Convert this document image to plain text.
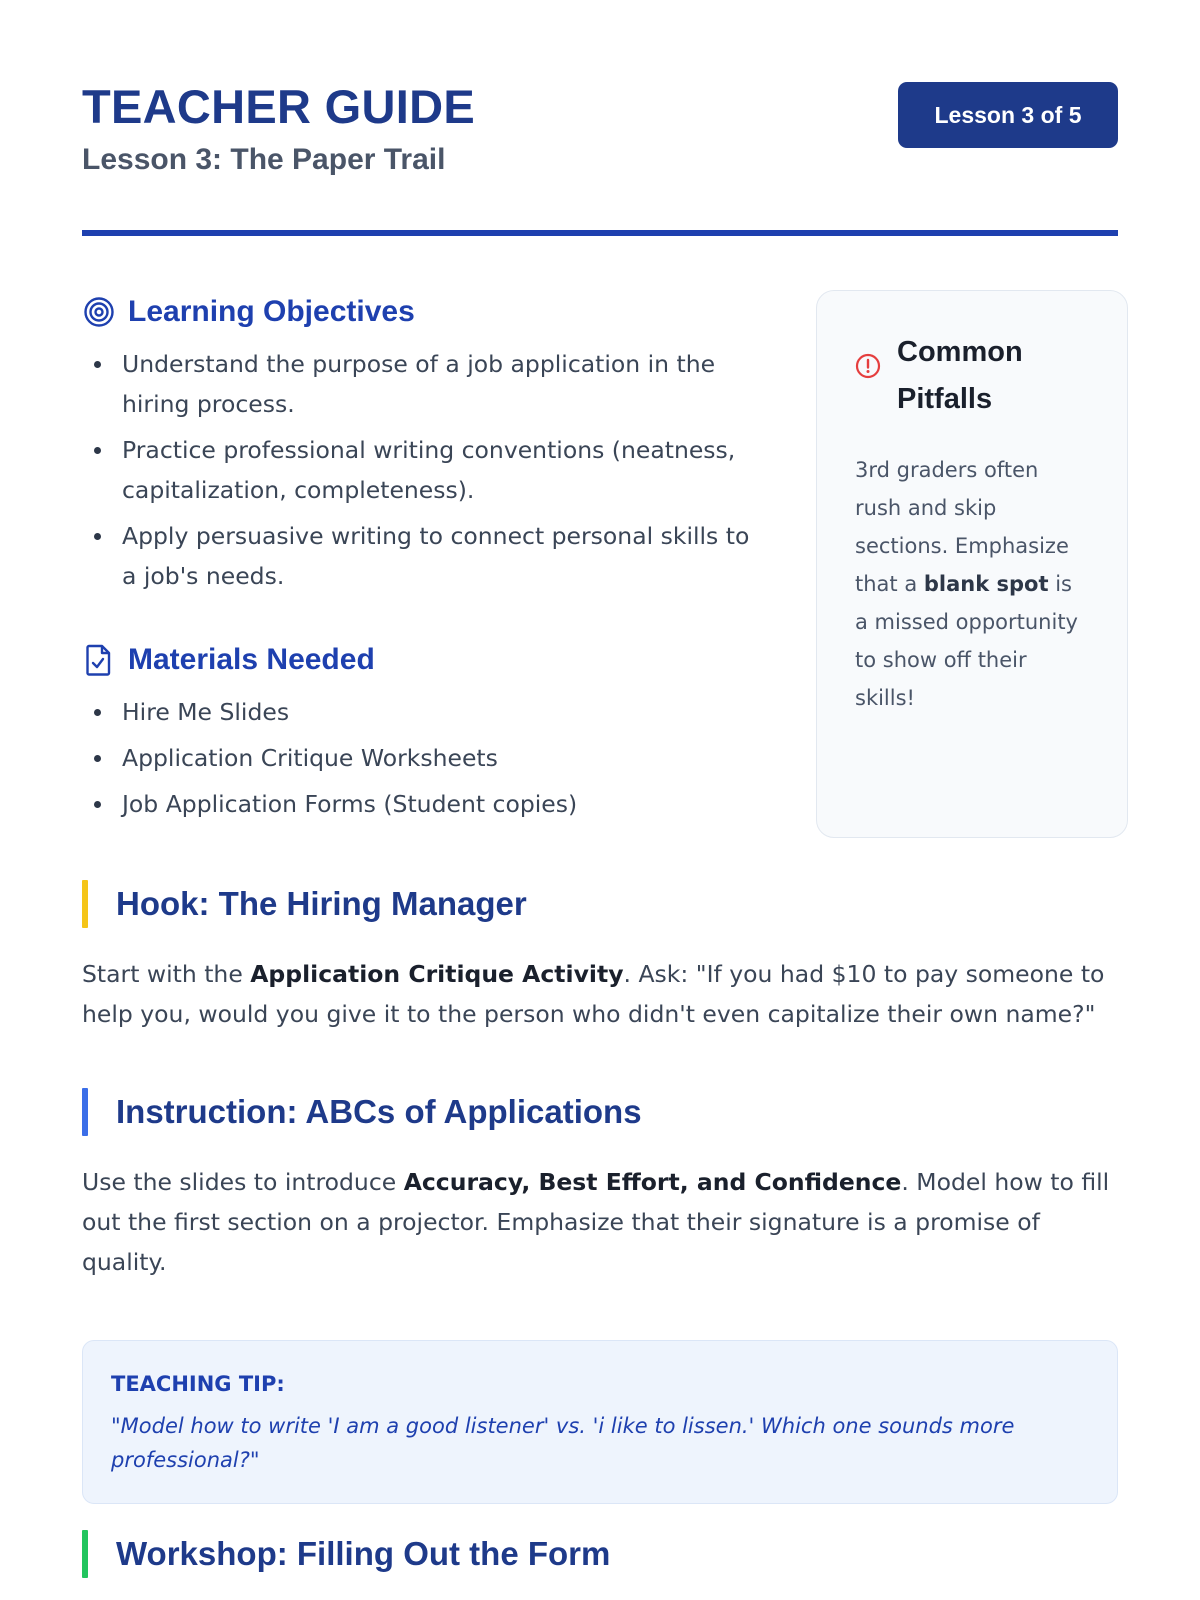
TEACHER GUIDE
Lesson 3: The Paper Trail
Lesson 3 of 5
Learning Objectives
Understand the purpose of a job application in the hiring process.
Practice professional writing conventions (neatness, capitalization, completeness).
Apply persuasive writing to connect personal skills to a job's needs.
Materials Needed
Hire Me Slides
Application Critique Worksheets
Job Application Forms (Student copies)
Common Pitfalls

3rd graders often rush and skip sections. Emphasize that a blank spot is a missed opportunity to show off their skills!

Hook: The Hiring Manager

Start with the Application Critique Activity. Ask: "If you had $10 to pay someone to help you, would you give it to the person who didn't even capitalize their own name?"

Instruction: ABCs of Applications

Use the slides to introduce Accuracy, Best Effort, and Confidence. Model how to fill out the first section on a projector. Emphasize that their signature is a promise of quality.

TEACHING TIP:
"Model how to write 'I am a good listener' vs. 'i like to lissen.' Which one sounds more professional?"
Workshop: Filling Out the Form
